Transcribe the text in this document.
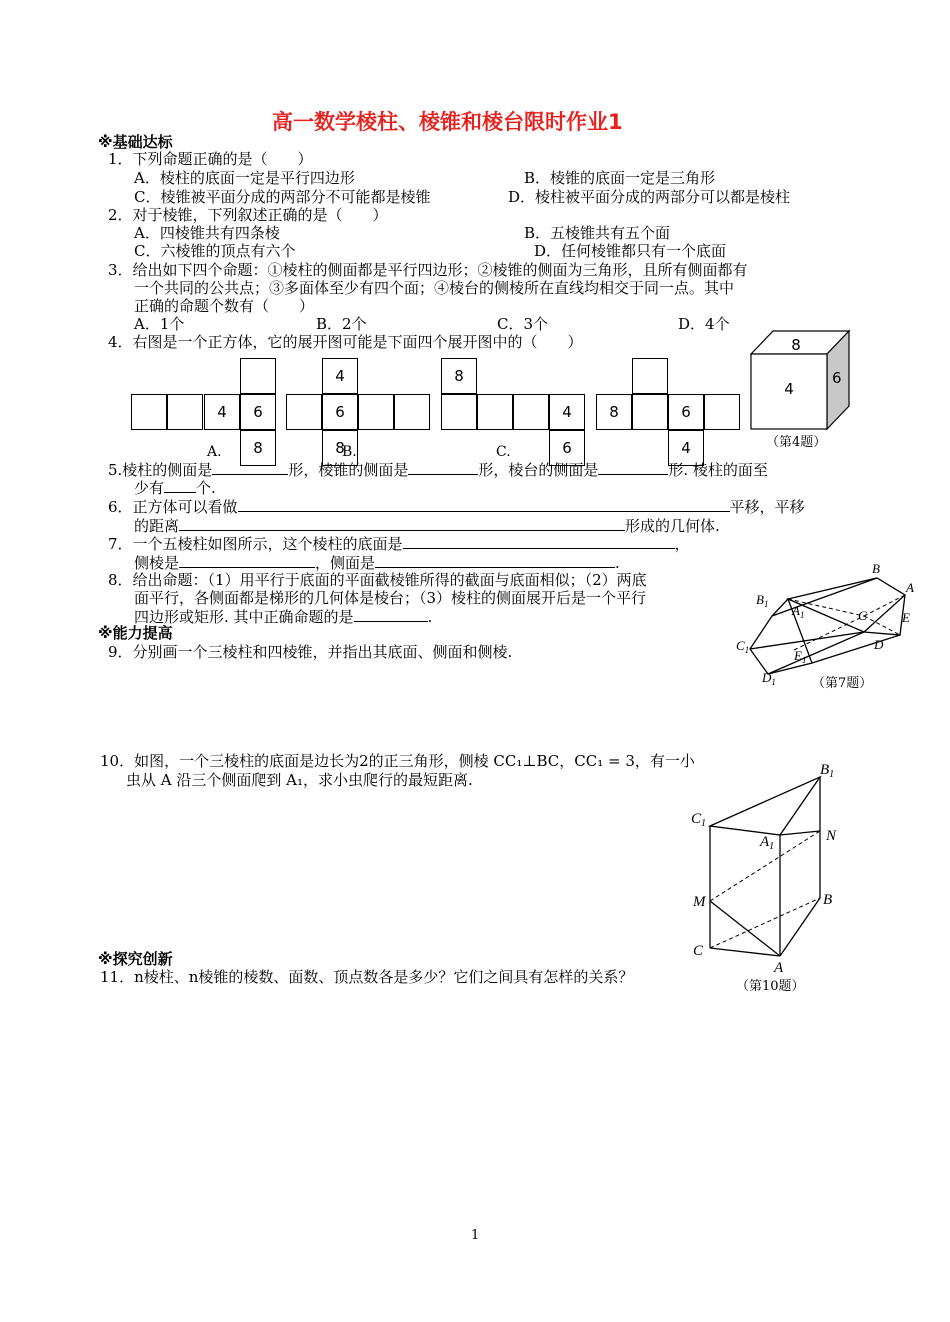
高一数学棱柱、棱锥和棱台限时作业1
※基础达标
1．下列命题正确的是（　　）
A．棱柱的底面一定是平行四边形	B．棱锥的底面一定是三角形
C．棱锥被平面分成的两部分不可能都是棱锥	D．棱柱被平面分成的两部分可以都是棱柱
2．对于棱锥，下列叙述正确的是（　　）
A．四棱锥共有四条棱	B．五棱锥共有五个面
C．六棱锥的顶点有六个	D．任何棱锥都只有一个底面
3．给出如下四个命题：①棱柱的侧面都是平行四边形；②棱锥的侧面为三角形，且所有侧面都有
一个共同的公共点；③多面体至少有四个面；④棱台的侧棱所在直线均相交于同一点。其中
正确的命题个数有（　　）
A．1个	B．2个	C．3个	D．4个
4．右图是一个正方体，它的展开图可能是下面四个展开图中的（　　）
4	6
8
A.
4
6
8
B.
8
4
6
C.
8	6
4
8
4
6
（第4题）
5.棱柱的侧面是	形，棱锥的侧面是	形，棱台的侧面是	形. 棱柱的面至
少有 个.
6．正方体可以看做	平移，平移
的距离	形成的几何体.
7．一个五棱柱如图所示，这个棱柱的底面是	，
侧棱是	，侧面是	.
8．给出命题：（1）用平行于底面的平面截棱锥所得的截面与底面相似；（2）两底
面平行，各侧面都是梯形的几何体是棱台；（3）棱柱的侧面展开后是一个平行
四边形或矩形. 其中正确命题的是	.
B
A
$B_1$ $A_1$	C	E
$C_1$	D
$E_1$
$D_1$	（第7题）
※能力提高
9．分别画一个三棱柱和四棱锥，并指出其底面、侧面和侧棱.
10．如图，一个三棱柱的底面是边长为2的正三角形，侧棱 CC₁⊥BC，CC₁ = 3，有一小
虫从 A 沿三个侧面爬到 A₁，求小虫爬行的最短距离.
$B_1$
$C_1$
$A_1$
N
M	B
C
A
（第10题）
※探究创新
11．n棱柱、n棱锥的棱数、面数、顶点数各是多少？它们之间具有怎样的关系？
1
